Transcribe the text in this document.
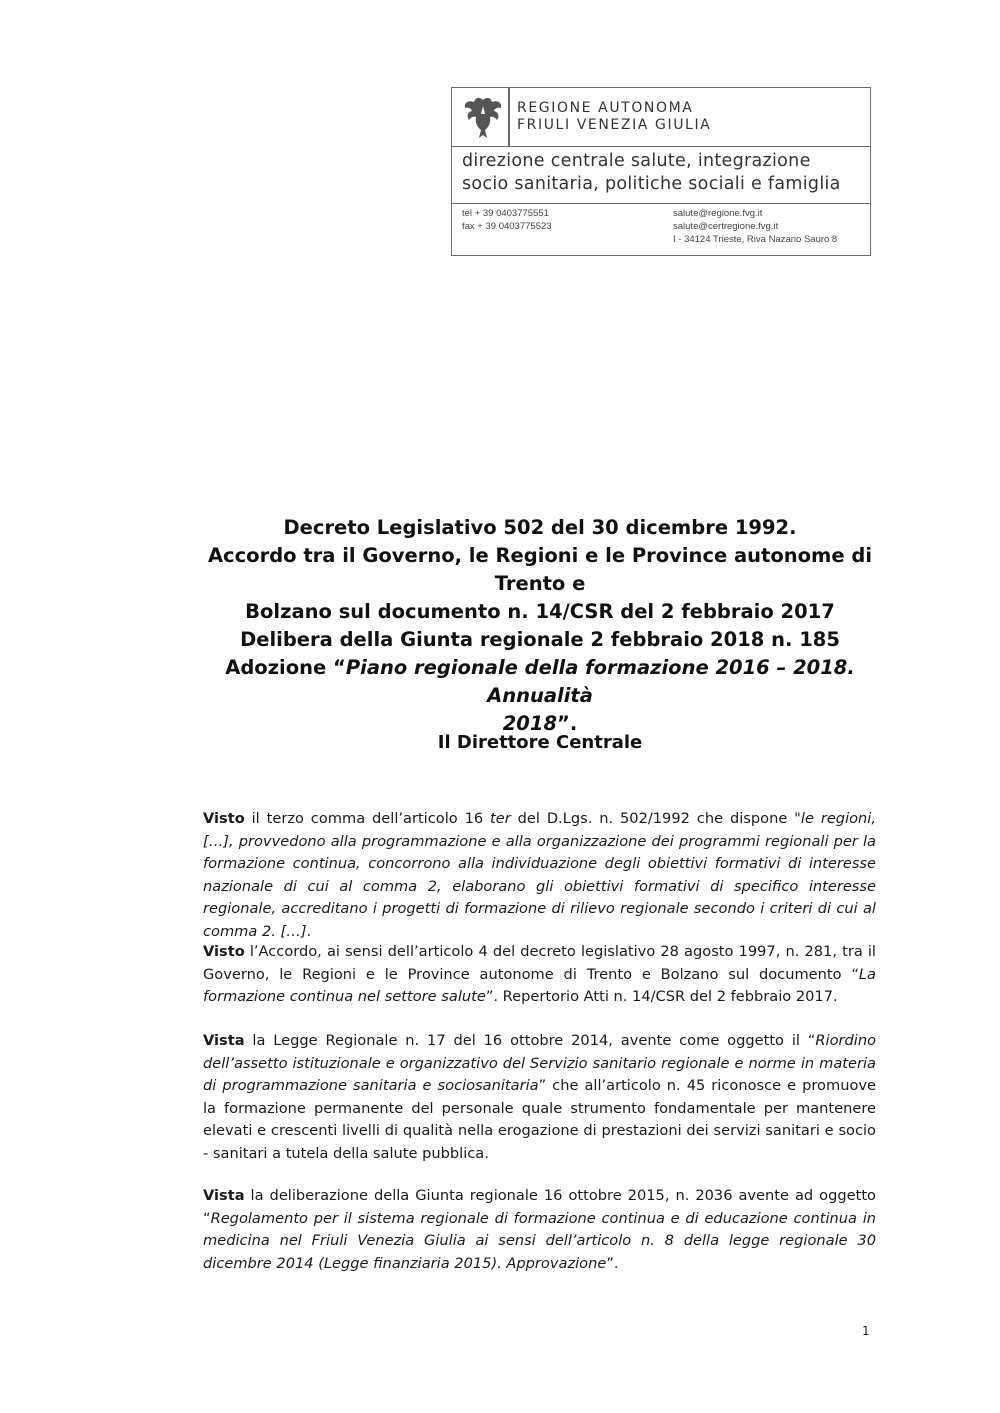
REGIONE AUTONOMA
FRIULI VENEZIA GIULIA
direzione centrale salute, integrazione
socio sanitaria, politiche sociali e famiglia
tel + 39 0403775551
fax + 39 0403775523
salute@regione.fvg.it
salute@certregione.fvg.it
I - 34124 Trieste, Riva Nazario Sauro 8
Decreto Legislativo 502 del 30 dicembre 1992.
Accordo tra il Governo, le Regioni e le Province autonome di Trento e
Bolzano sul documento n. 14/CSR del 2 febbraio 2017
Delibera della Giunta regionale 2 febbraio 2018 n. 185
Adozione “Piano regionale della formazione 2016 – 2018. Annualità
2018”.
Il Direttore Centrale
Visto il terzo comma dell’articolo 16 ter del D.Lgs. n. 502/1992 che dispone "le regioni, […], provvedono alla programmazione e alla organizzazione dei programmi regionali per la formazione continua, concorrono alla individuazione degli obiettivi formativi di interesse nazionale di cui al comma 2, elaborano gli obiettivi formativi di specifico interesse regionale, accreditano i progetti di formazione di rilievo regionale secondo i criteri di cui al comma 2. […].
Visto l’Accordo, ai sensi dell’articolo 4 del decreto legislativo 28 agosto 1997, n. 281, tra il Governo, le Regioni e le Province autonome di Trento e Bolzano sul documento “La formazione continua nel settore salute”. Repertorio Atti n. 14/CSR del 2 febbraio 2017.
Vista la Legge Regionale n. 17 del 16 ottobre 2014, avente come oggetto il “Riordino dell’assetto istituzionale e organizzativo del Servizio sanitario regionale e norme in materia di programmazione sanitaria e sociosanitaria” che all’articolo n. 45 riconosce e promuove la formazione permanente del personale quale strumento fondamentale per mantenere elevati e crescenti livelli di qualità nella erogazione di prestazioni dei servizi sanitari e socio - sanitari a tutela della salute pubblica.
Vista la deliberazione della Giunta regionale 16 ottobre 2015, n. 2036 avente ad oggetto “Regolamento per il sistema regionale di formazione continua e di educazione continua in medicina nel Friuli Venezia Giulia ai sensi dell’articolo n. 8 della legge regionale 30 dicembre 2014 (Legge finanziaria 2015). Approvazione”.
1
